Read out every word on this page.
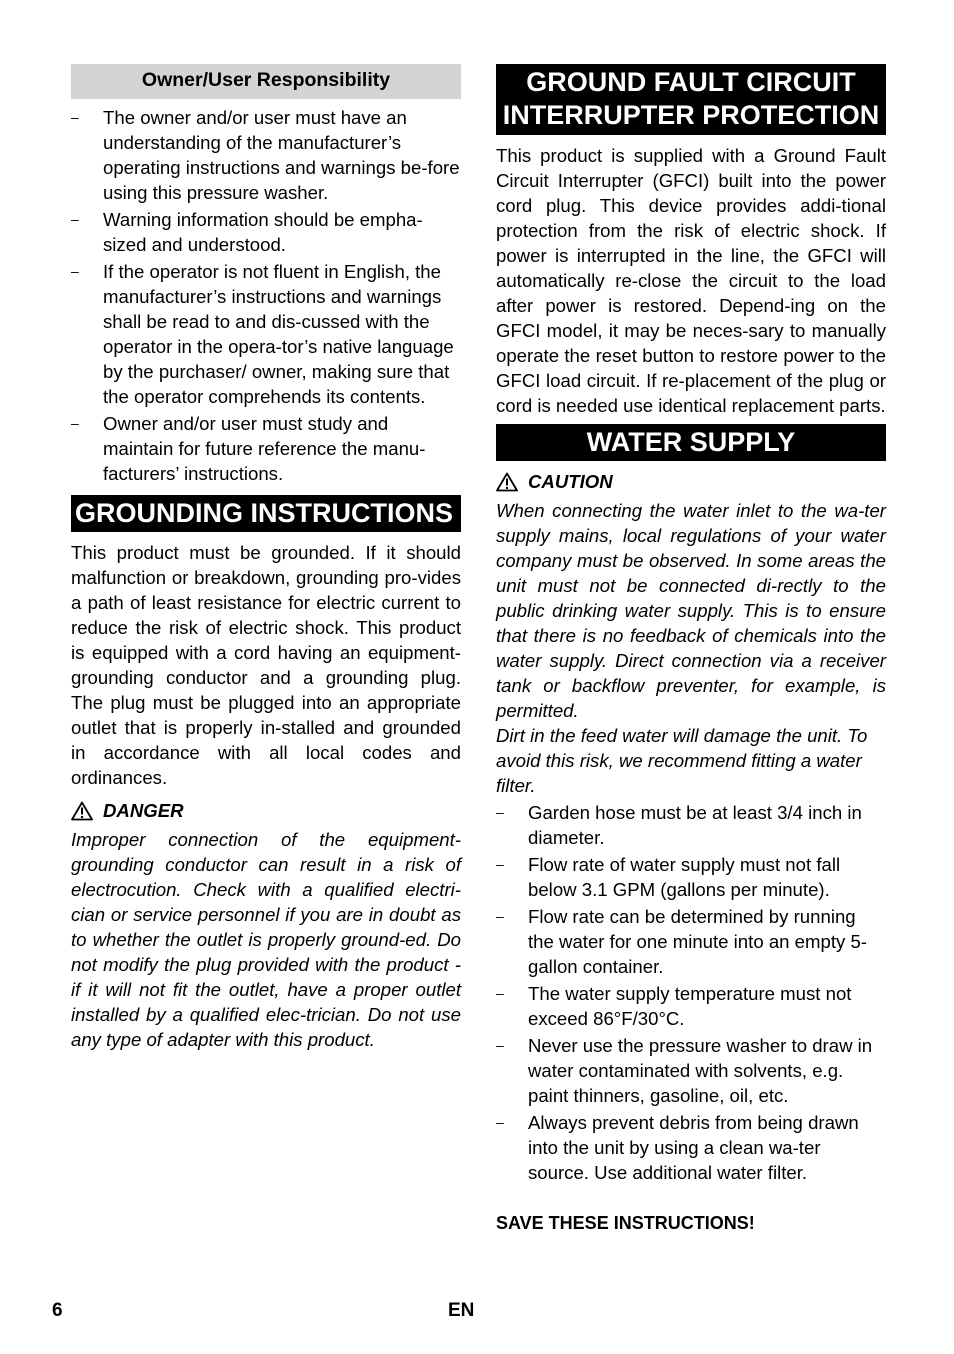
Owner/User Responsibility
–	The owner and/or user must have an understanding of the manufacturer’s operating instructions and warnings be-fore using this pressure washer.
–	Warning information should be empha-sized and understood.
–	If the operator is not fluent in English, the manufacturer’s instructions and warnings shall be read to and dis-cussed with the operator in the opera-tor’s native language by the purchaser/ owner, making sure that the operator comprehends its contents.
–	Owner and/or user must study and maintain for future reference the manu-facturers’ instructions.
GROUNDING INSTRUCTIONS

This product must be grounded. If it should malfunction or breakdown, grounding pro-vides a path of least resistance for electric current to reduce the risk of electric shock. This product is equipped with a cord having an equipment-grounding conductor and a grounding plug. The plug must be plugged into an appropriate outlet that is properly in-stalled and grounded in accordance with all local codes and ordinances.

DANGER

Improper connection of the equipment-grounding conductor can result in a risk of electrocution. Check with a qualified electri-cian or service personnel if you are in doubt as to whether the outlet is properly ground-ed. Do not modify the plug provided with the product - if it will not fit the outlet, have a proper outlet installed by a qualified elec-trician. Do not use any type of adapter with this product.

GROUND FAULT CIRCUIT
INTERRUPTER PROTECTION

This product is supplied with a Ground Fault Circuit Interrupter (GFCI) built into the power cord plug. This device provides addi-tional protection from the risk of electric shock. If power is interrupted in the line, the GFCI will automatically re-close the circuit to the load after power is restored. Depend-ing on the GFCI model, it may be neces-sary to manually operate the reset button to restore power to the GFCI load circuit. If re-placement of the plug or cord is needed use identical replacement parts.

WATER SUPPLY
CAUTION

When connecting the water inlet to the wa-ter supply mains, local regulations of your water company must be observed. In some areas the unit must not be connected di-rectly to the public drinking water supply. This is to ensure that there is no feedback of chemicals into the water supply. Direct connection via a receiver tank or backflow preventer, for example, is permitted.

Dirt in the feed water will damage the unit. To avoid this risk, we recommend fitting a water filter.

–	Garden hose must be at least 3/4 inch in diameter.
–	Flow rate of water supply must not fall below 3.1 GPM (gallons per minute).
–	Flow rate can be determined by running the water for one minute into an empty 5-gallon container.
–	The water supply temperature must not exceed 86°F/30°C.
–	Never use the pressure washer to draw in water contaminated with solvents, e.g. paint thinners, gasoline, oil, etc.
–	Always prevent debris from being drawn into the unit by using a clean wa-ter source. Use additional water filter.

SAVE THESE INSTRUCTIONS!

6	EN
